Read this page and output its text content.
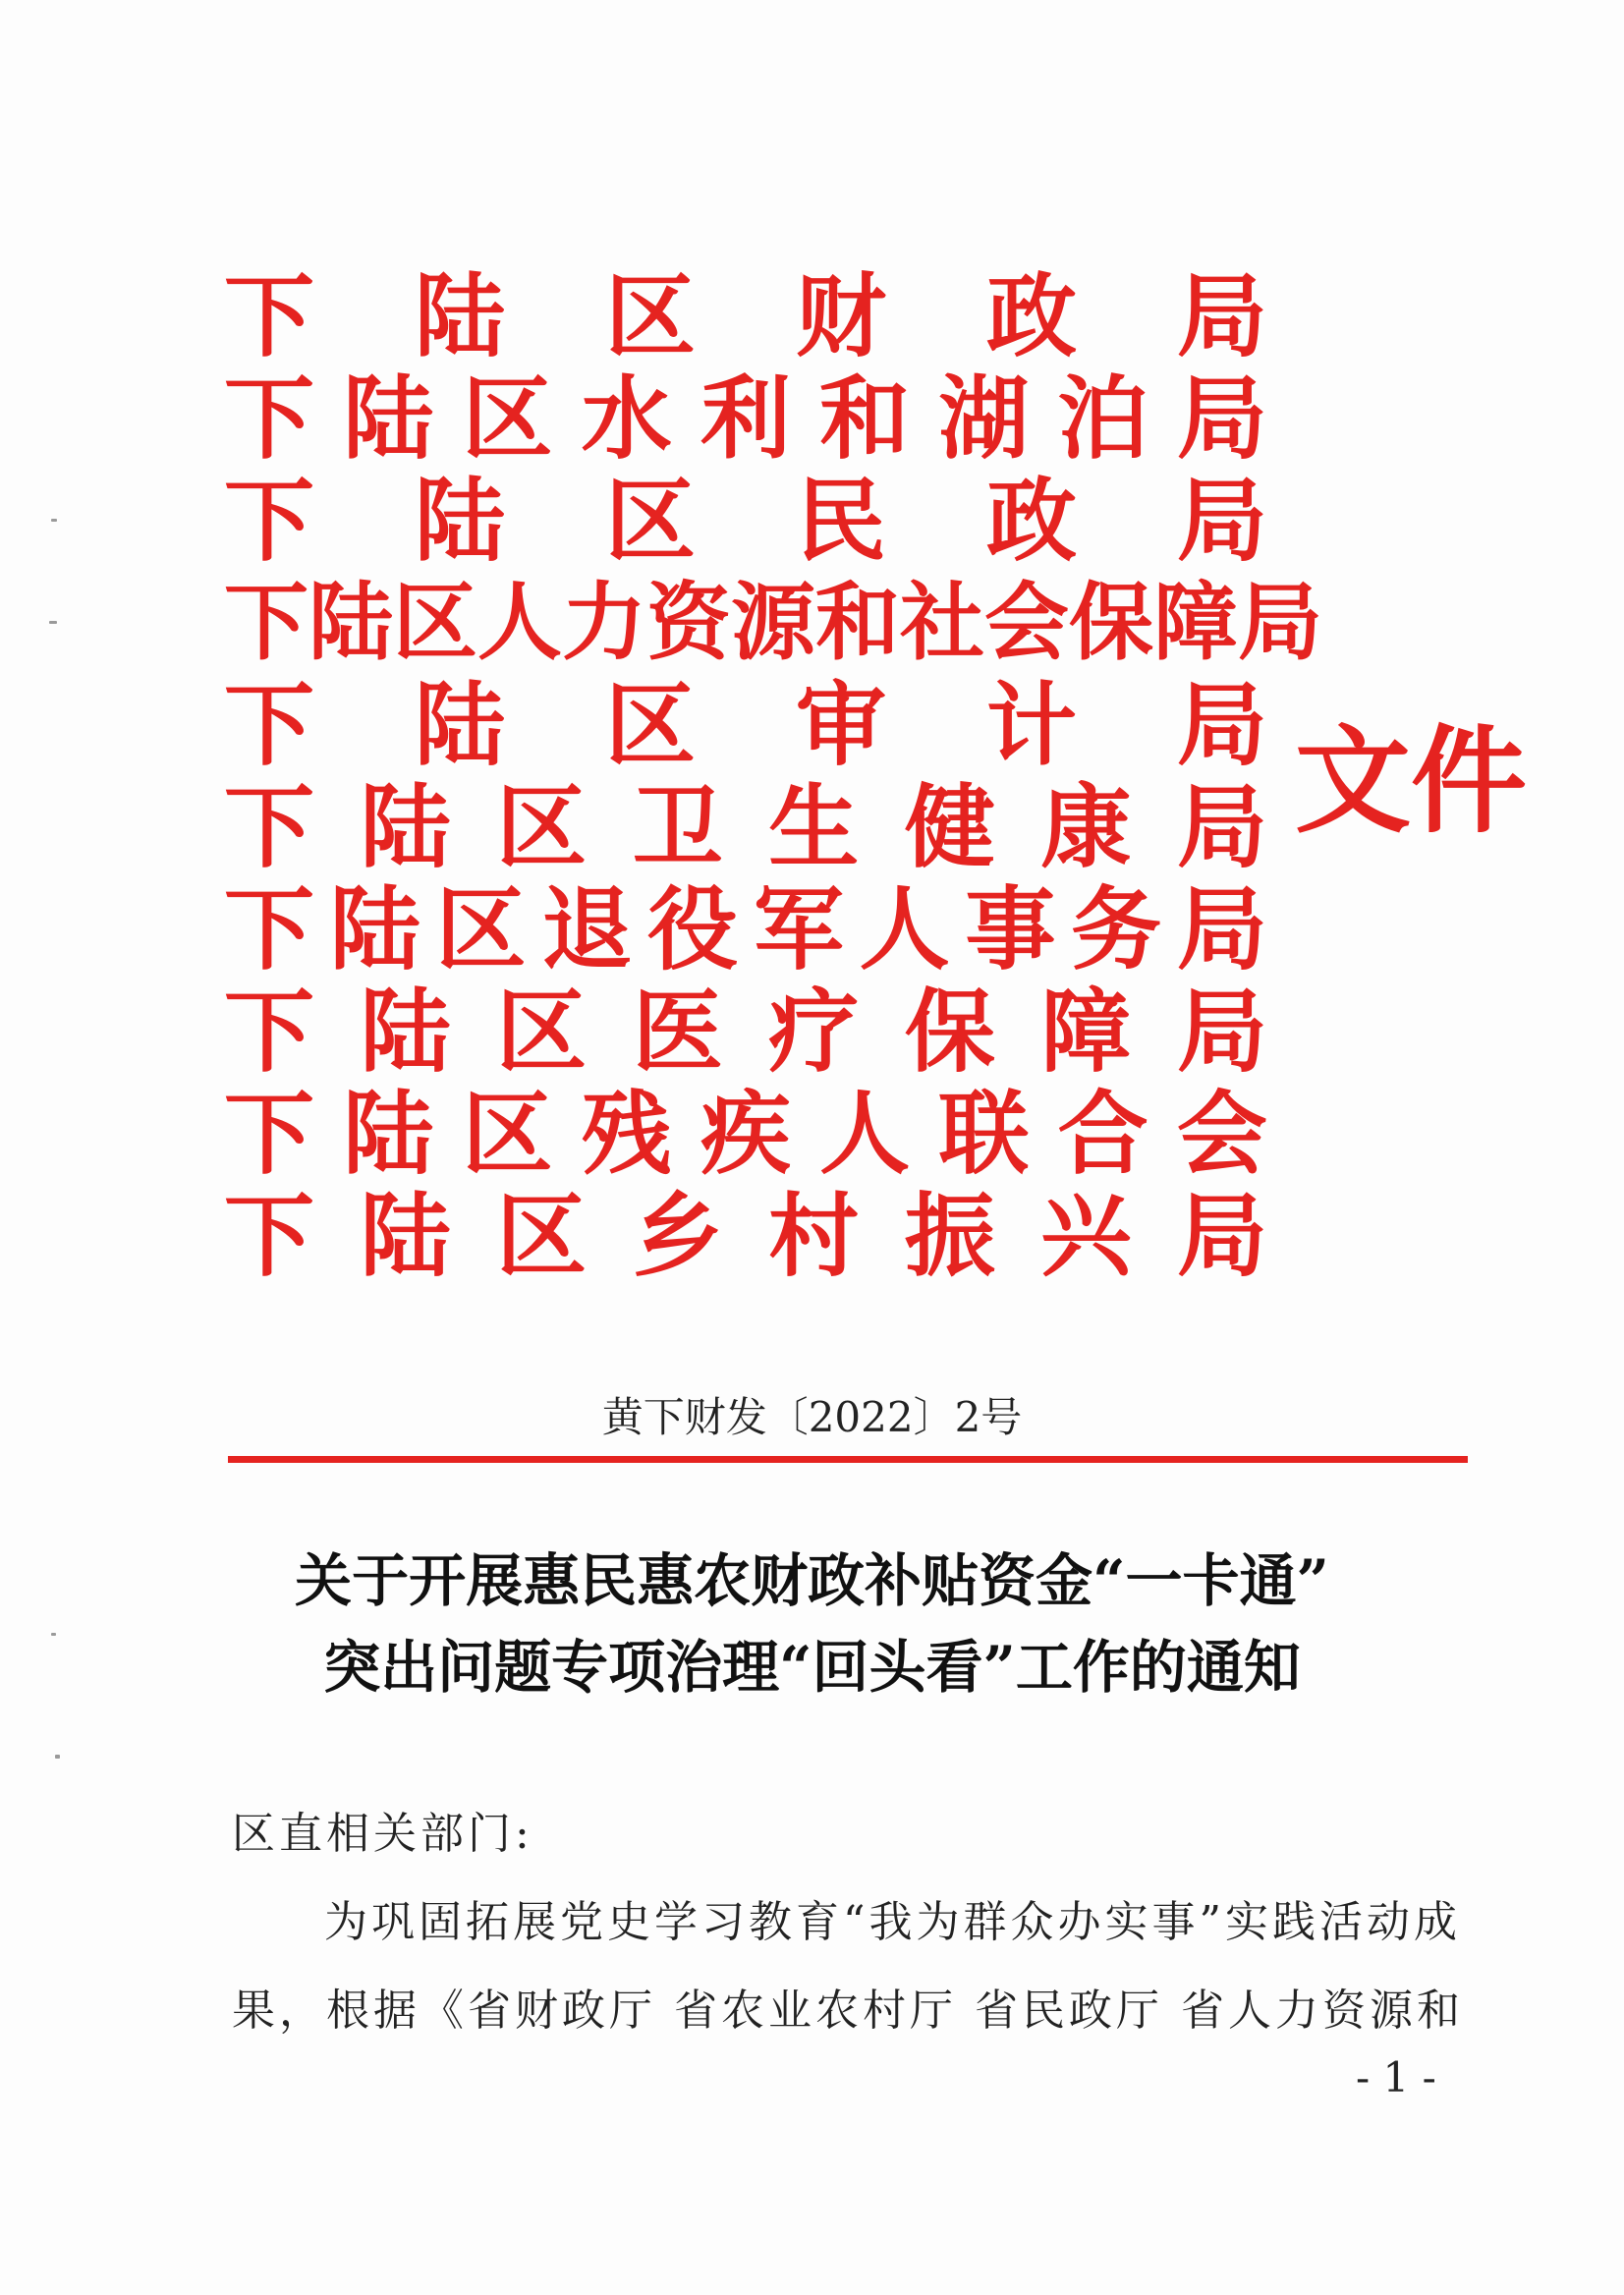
下 陆 区 财 政 局
下 陆 区 水 利 和 湖 泊 局
下 陆 区 民 政 局
下 陆 区 人 力 资 源 和 社 会 保 障 局
下 陆 区 审 计 局
下 陆 区 卫 生 健 康 局
下 陆 区 退 役 军 人 事 务 局
下 陆 区 医 疗 保 障 局
下 陆 区 残 疾 人 联 合 会
下 陆 区 乡 村 振 兴 局
文件
黄下财发〔2022〕2号
关于开展惠民惠农财政补贴资金“一卡通”
突出问题专项治理“回头看”工作的通知
区直相关部门:
为巩固拓展党史学习教育“我为群众办实事”实践活动成
果，根据《省财政厅 省农业农村厅 省民政厅 省人力资源和
- 1 -
